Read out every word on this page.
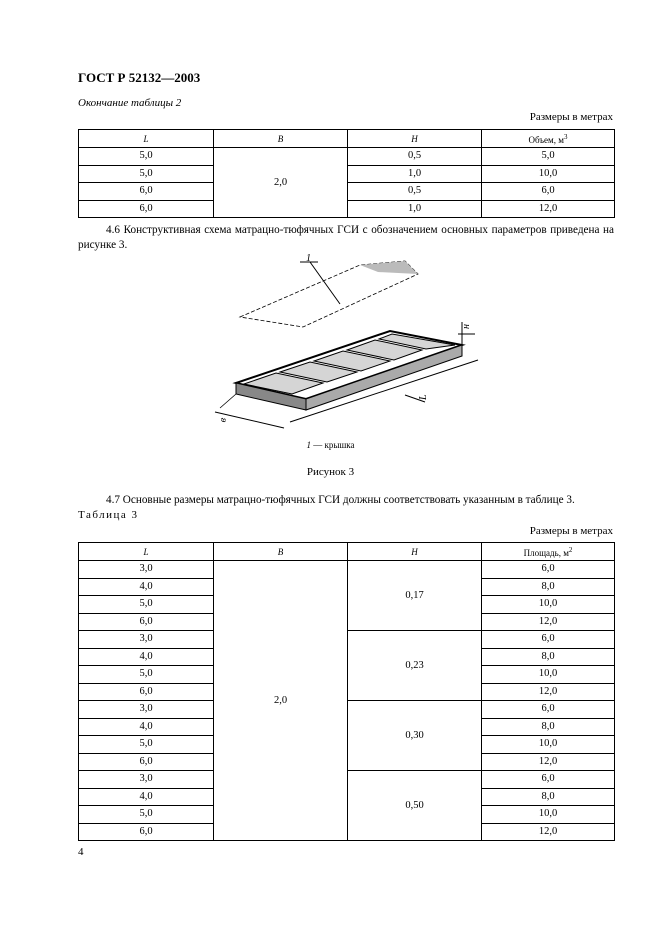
ГОСТ Р 52132—2003
Окончание таблицы 2
Размеры в метрах
L	B	H	Объем, $м^3$
5,0	2,0	0,5	5,0
5,0		1,0	10,0
6,0		0,5	6,0
6,0		1,0	12,0
4.6 Конструктивная схема матрацно-тюфячных ГСИ с обозначением основных параметров приведена на рисунке 3.
1
н
в
L
1 — крышка
Рисунок 3
4.7 Основные размеры матрацно-тюфячных ГСИ должны соответствовать указанным в таблице 3.
Таблица 3
Размеры в метрах
L	B	H	Площадь, $м^2$
3,0	2,0	0,17	6,0
4,0			8,0
5,0			10,0
6,0			12,0
3,0		0,23	6,0
4,0			8,0
5,0			10,0
6,0			12,0
3,0		0,30	6,0
4,0			8,0
5,0			10,0
6,0			12,0
3,0		0,50	6,0
4,0			8,0
5,0			10,0
6,0			12,0
4
